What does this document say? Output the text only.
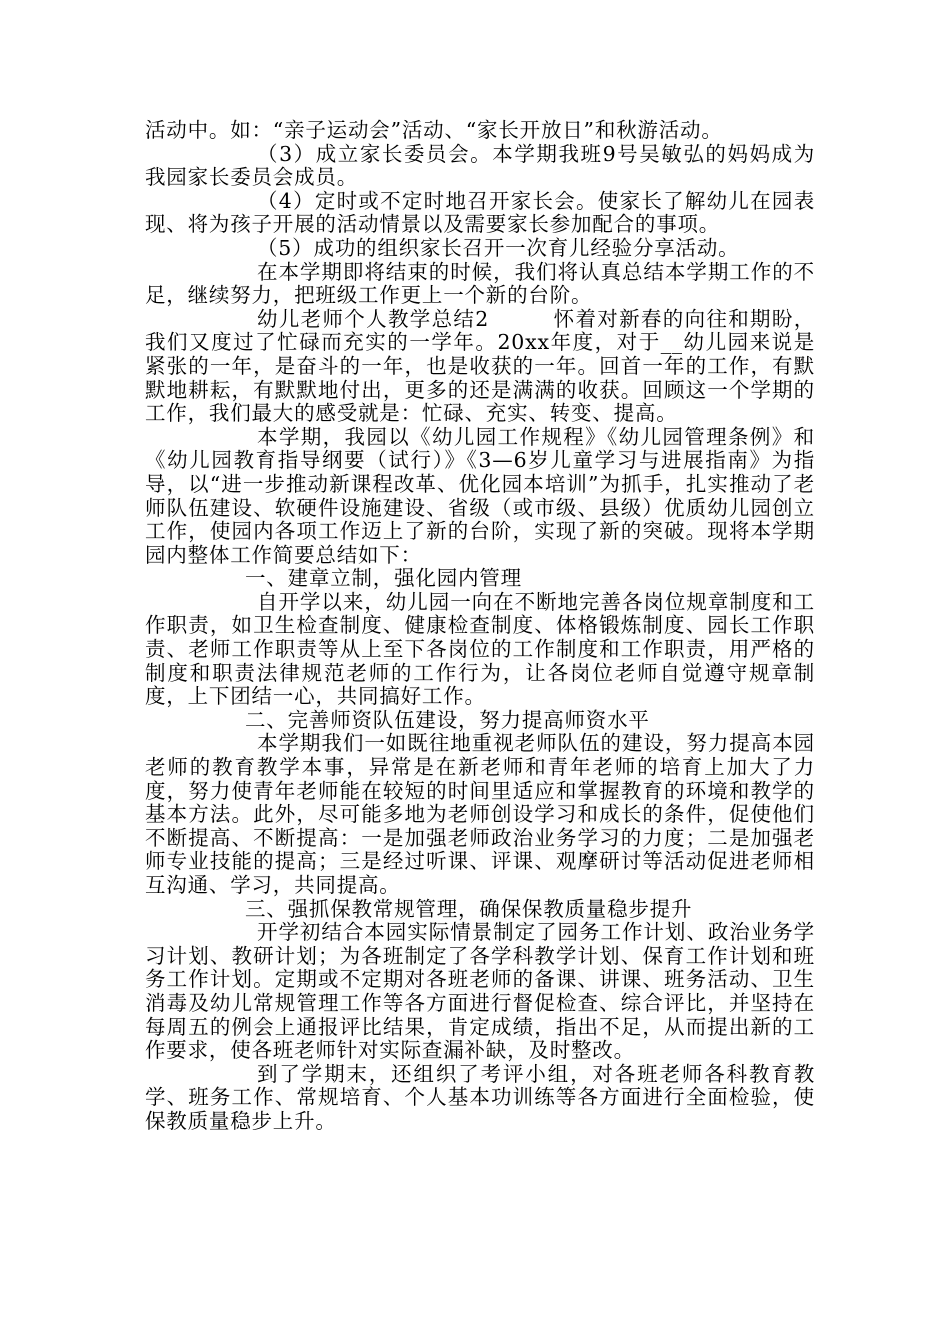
活动中。如：“亲子运动会”活动、“家长开放日”和秋游活动。

（3）成立家长委员会。本学期我班9号吴敏弘的妈妈成为我园家长委员会成员。

（4）定时或不定时地召开家长会。使家长了解幼儿在园表现、将为孩子开展的活动情景以及需要家长参加配合的事项。

（5）成功的组织家长召开一次育儿经验分享活动。

在本学期即将结束的时候，我们将认真总结本学期工作的不足，继续努力，把班级工作更上一个新的台阶。

幼儿老师个人教学总结2	怀着对新春的向往和期盼，我们又度过了忙碌而充实的一学年。20xx年度，对于__幼儿园来说是紧张的一年，是奋斗的一年，也是收获的一年。回首一年的工作，有默默地耕耘，有默默地付出，更多的还是满满的收获。回顾这一个学期的工作，我们最大的感受就是：忙碌、充实、转变、提高。

本学期，我园以《幼儿园工作规程》《幼儿园管理条例》和《幼儿园教育指导纲要（试行）》《3—6岁儿童学习与进展指南》为指导，以“进一步推动新课程改革、优化园本培训”为抓手，扎实推动了老师队伍建设、软硬件设施建设、省级（或市级、县级）优质幼儿园创立工作，使园内各项工作迈上了新的台阶，实现了新的突破。现将本学期园内整体工作简要总结如下：

一、建章立制，强化园内管理

自开学以来，幼儿园一向在不断地完善各岗位规章制度和工作职责，如卫生检查制度、健康检查制度、体格锻炼制度、园长工作职责、老师工作职责等从上至下各岗位的工作制度和工作职责，用严格的制度和职责法律规范老师的工作行为，让各岗位老师自觉遵守规章制度，上下团结一心，共同搞好工作。

二、完善师资队伍建设，努力提高师资水平

本学期我们一如既往地重视老师队伍的建设，努力提高本园老师的教育教学本事，异常是在新老师和青年老师的培育上加大了力度，努力使青年老师能在较短的时间里适应和掌握教育的环境和教学的基本方法。此外，尽可能多地为老师创设学习和成长的条件，促使他们不断提高、不断提高：一是加强老师政治业务学习的力度；二是加强老师专业技能的提高；三是经过听课、评课、观摩研讨等活动促进老师相互沟通、学习，共同提高。

三、强抓保教常规管理，确保保教质量稳步提升

开学初结合本园实际情景制定了园务工作计划、政治业务学习计划、教研计划；为各班制定了各学科教学计划、保育工作计划和班务工作计划。定期或不定期对各班老师的备课、讲课、班务活动、卫生消毒及幼儿常规管理工作等各方面进行督促检查、综合评比，并坚持在每周五的例会上通报评比结果，肯定成绩，指出不足，从而提出新的工作要求，使各班老师针对实际查漏补缺，及时整改。

到了学期末，还组织了考评小组，对各班老师各科教育教学、班务工作、常规培育、个人基本功训练等各方面进行全面检验，使保教质量稳步上升。
